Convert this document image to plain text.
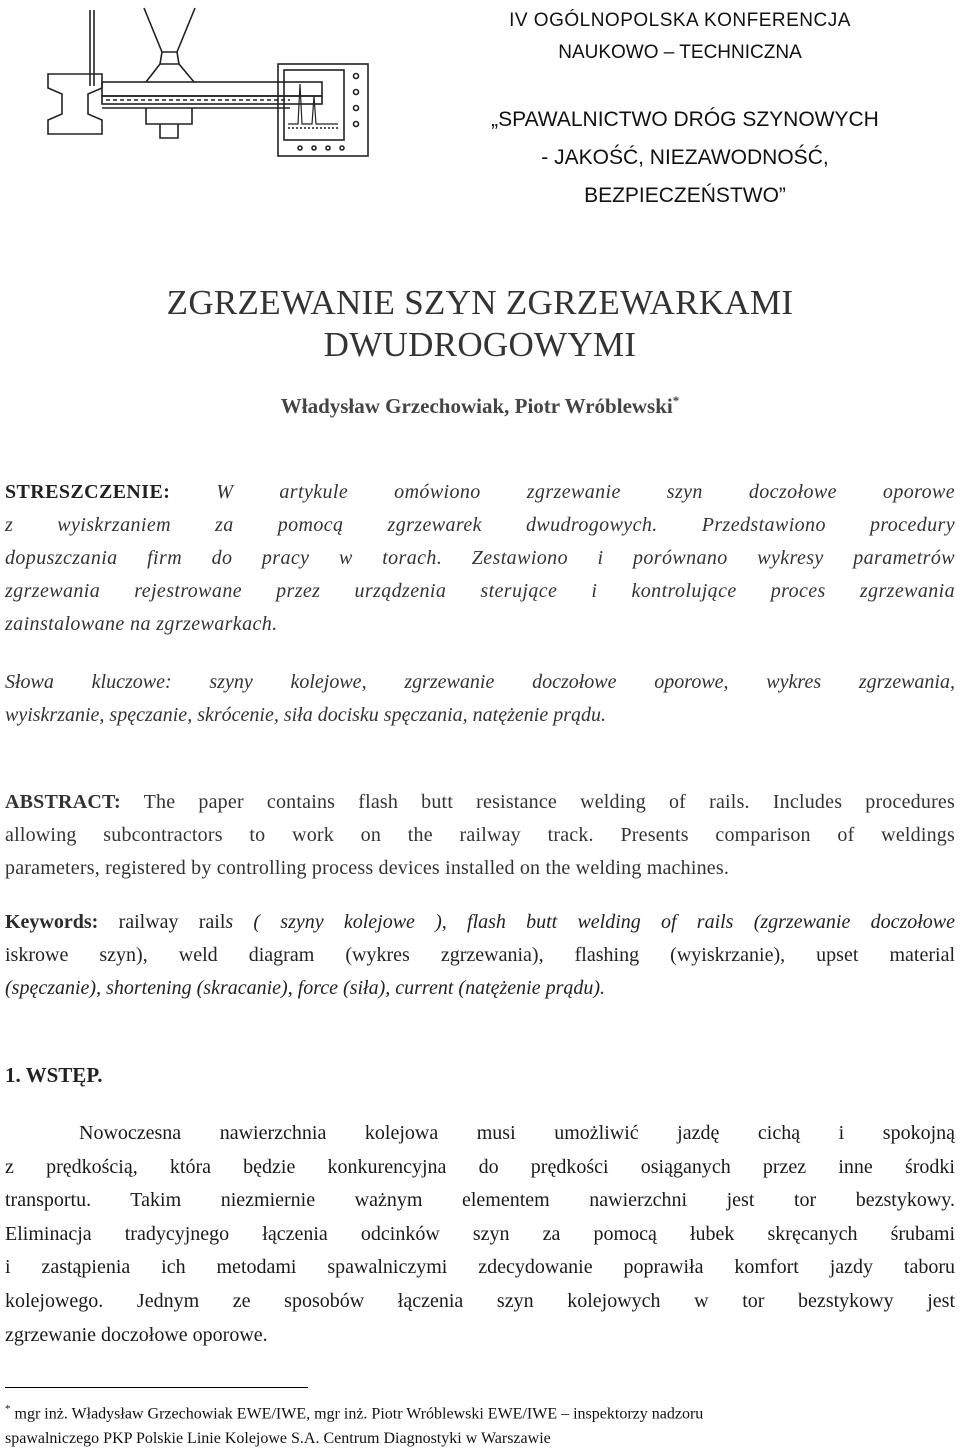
IV OGÓLNOPOLSKA KONFERENCJA
NAUKOWO – TECHNICZNA
„SPAWALNICTWO DRÓG SZYNOWYCH
- JAKOŚĆ, NIEZAWODNOŚĆ,
BEZPIECZEŃSTWO”
ZGRZEWANIE SZYN ZGRZEWARKAMI
DWUDROGOWYMI
Władysław Grzechowiak, Piotr Wróblewski*
STRESZCZENIE: W artykule omówiono zgrzewanie szyn doczołowe oporowe
z wyiskrzaniem za pomocą zgrzewarek dwudrogowych. Przedstawiono procedury
dopuszczania firm do pracy w torach. Zestawiono i porównano wykresy parametrów
zgrzewania rejestrowane przez urządzenia sterujące i kontrolujące proces zgrzewania
zainstalowane na zgrzewarkach.
Słowa kluczowe: szyny kolejowe, zgrzewanie doczołowe oporowe, wykres zgrzewania,
wyiskrzanie, spęczanie, skrócenie, siła docisku spęczania, natężenie prądu.
ABSTRACT: The paper contains flash butt resistance welding of rails. Includes procedures
allowing subcontractors to work on the railway track. Presents comparison of weldings
parameters, registered by controlling process devices installed on the welding machines.
Keywords: railway rails ( szyny kolejowe ), flash butt welding of rails (zgrzewanie doczołowe
iskrowe szyn), weld diagram (wykres zgrzewania), flashing (wyiskrzanie), upset material
(spęczanie), shortening (skracanie), force (siła), current (natężenie prądu).
1. WSTĘP.
Nowoczesna nawierzchnia kolejowa musi umożliwić jazdę cichą i spokojną
z prędkością, która będzie konkurencyjna do prędkości osiąganych przez inne środki
transportu. Takim niezmiernie ważnym elementem nawierzchni jest tor bezstykowy.
Eliminacja tradycyjnego łączenia odcinków szyn za pomocą łubek skręcanych śrubami
i zastąpienia ich metodami spawalniczymi zdecydowanie poprawiła komfort jazdy taboru
kolejowego. Jednym ze sposobów łączenia szyn kolejowych w tor bezstykowy jest
zgrzewanie doczołowe oporowe.
* mgr inż. Władysław Grzechowiak EWE/IWE, mgr inż. Piotr Wróblewski EWE/IWE – inspektorzy nadzoru
spawalniczego PKP Polskie Linie Kolejowe S.A. Centrum Diagnostyki w Warszawie
